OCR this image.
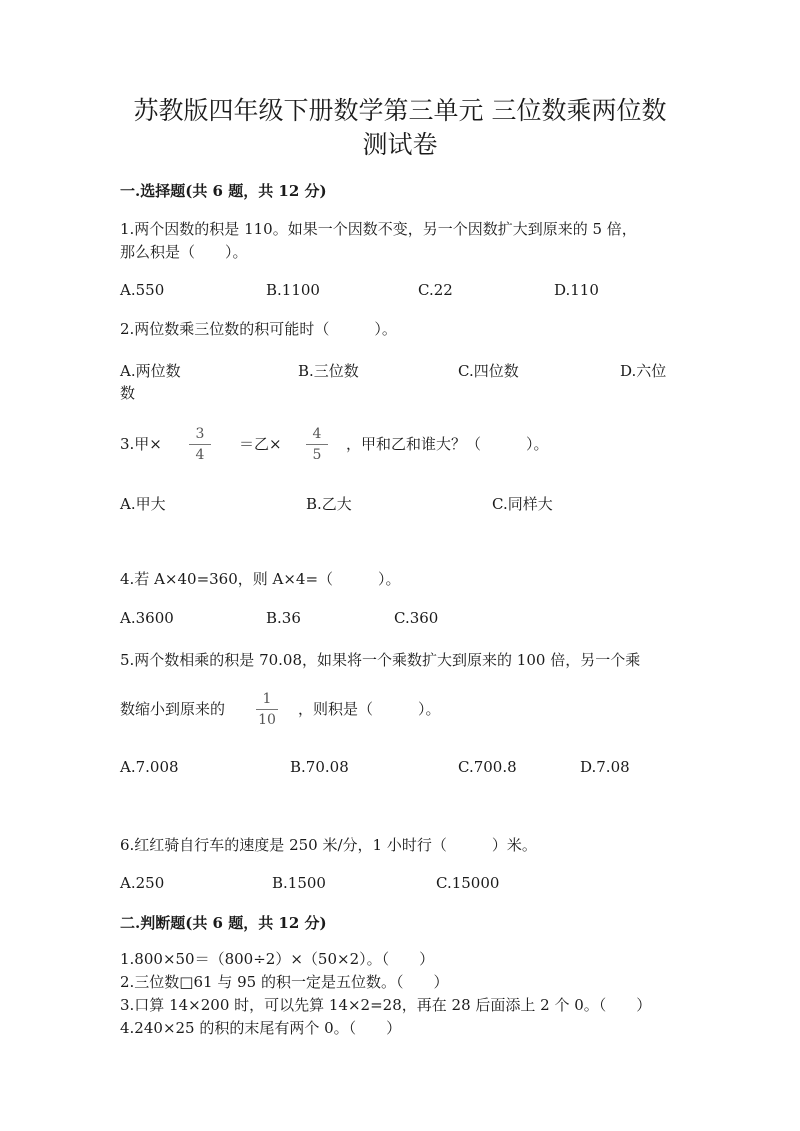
苏教版四年级下册数学第三单元 三位数乘两位数
测试卷
一.选择题(共 6 题，共 12 分)
1.两个因数的积是 110。如果一个因数不变，另一个因数扩大到原来的 5 倍，
那么积是（　　）。
A.550	B.1100	C.22	D.110
2.两位数乘三位数的积可能时（　　　）。
A.两位数	B.三位数	C.四位数	D.六位
数
3.甲×
3
4
＝乙×
4
5
，甲和乙和谁大？（　　　）。
A.甲大	B.乙大	C.同样大
4.若 A×40=360，则 A×4=（　　　）。
A.3600	B.36	C.360
5.两个数相乘的积是 70.08，如果将一个乘数扩大到原来的 100 倍，另一个乘
数缩小到原来的
1
10
，则积是（　　　）。
A.7.008	B.70.08	C.700.8	D.7.08
6.红红骑自行车的速度是 250 米/分，1 小时行（　　　）米。
A.250	B.1500	C.15000
二.判断题(共 6 题，共 12 分)
1.800×50＝（800÷2）×（50×2）。（　　）
2.三位数□61 与 95 的积一定是五位数。（　　）
3.口算 14×200 时，可以先算 14×2=28，再在 28 后面添上 2 个 0。（　　）
4.240×25 的积的末尾有两个 0。（　　）
